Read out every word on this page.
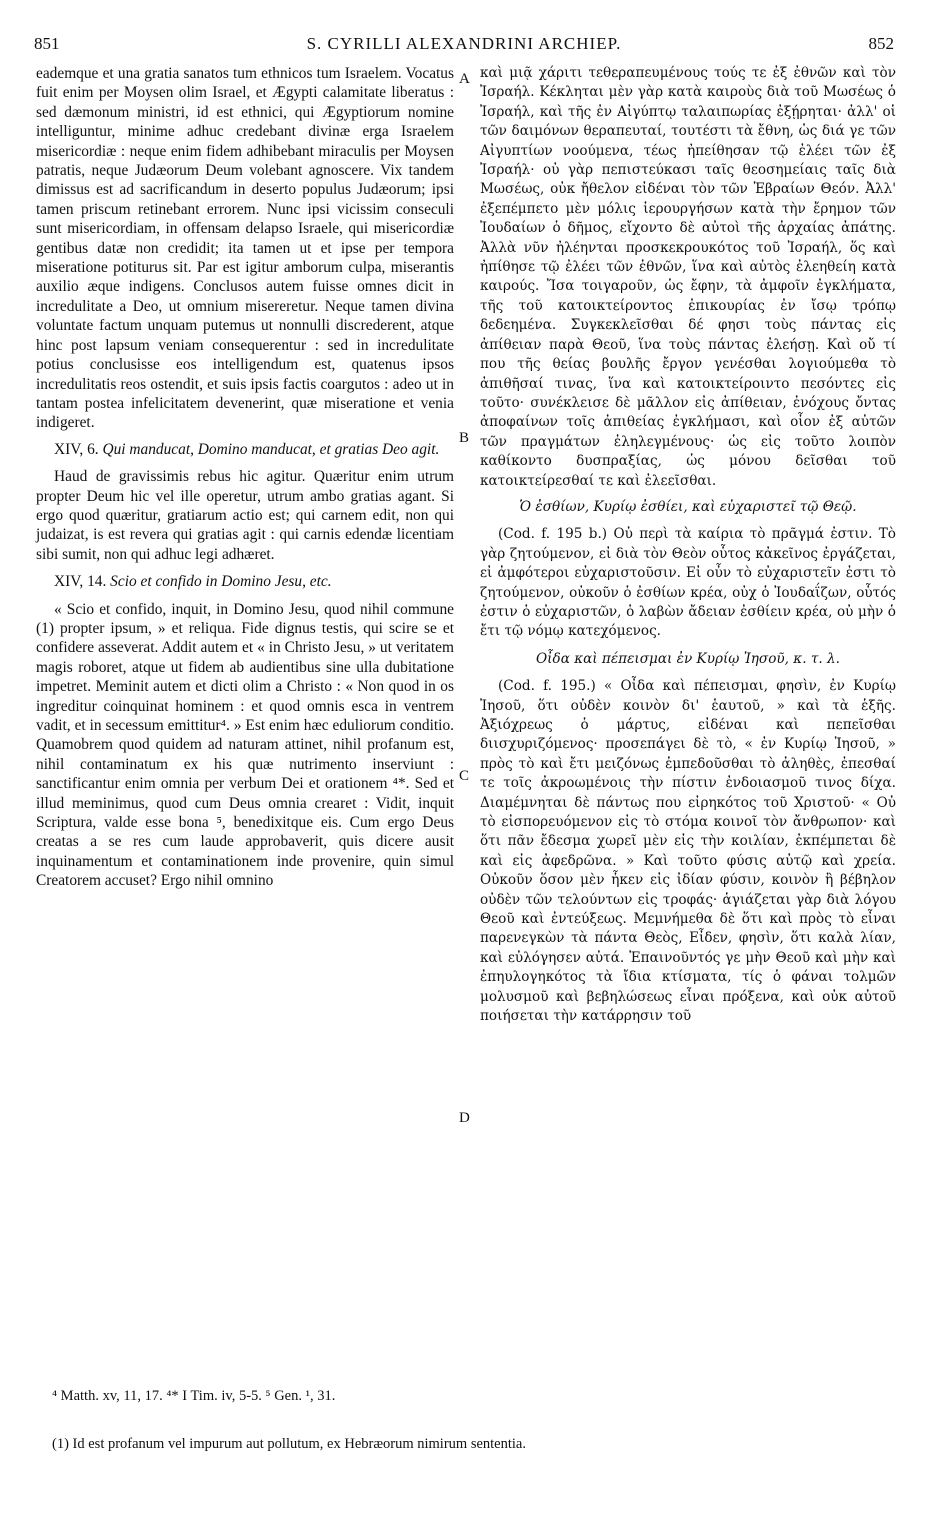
851	S. CYRILLI ALEXANDRINI ARCHIEP.	852

eademque et una gratia sanatos tum ethnicos tum Israelem. Vocatus fuit enim per Moysen olim Israel, et Ægypti calamitate liberatus : sed dæmonum ministri, id est ethnici, qui Ægyptiorum nomine intelliguntur, minime adhuc credebant divinæ erga Israelem misericordiæ : neque enim fidem adhibebant miraculis per Moysen patratis, neque Judæorum Deum volebant agnoscere. Vix tandem dimissus est ad sacrificandum in deserto populus Judæorum; ipsi tamen priscum retinebant errorem. Nunc ipsi vicissim conseculi sunt misericordiam, in offensam delapso Israele, qui misericordiæ gentibus datæ non credidit; ita tamen ut et ipse per tempora miseratione potiturus sit. Par est igitur amborum culpa, miserantis auxilio æque indigens. Conclusos autem fuisse omnes dicit in incredulitate a Deo, ut omnium misereretur. Neque tamen divina voluntate factum unquam putemus ut nonnulli discrederent, atque hinc post lapsum veniam consequerentur : sed in incredulitate potius conclusisse eos intelligendum est, quatenus ipsos incredulitatis reos ostendit, et suis ipsis factis coargutos : adeo ut in tantam postea infelicitatem devenerint, quæ miseratione et venia indigeret.

XIV, 6. Qui manducat, Domino manducat, et gratias Deo agit.

Haud de gravissimis rebus hic agitur. Quæritur enim utrum propter Deum hic vel ille operetur, utrum ambo gratias agant. Si ergo quod quæritur, gratiarum actio est; qui carnem edit, non qui judaizat, is est revera qui gratias agit : qui carnis edendæ licentiam sibi sumit, non qui adhuc legi adhæret.

XIV, 14. Scio et confido in Domino Jesu, etc.

« Scio et confido, inquit, in Domino Jesu, quod nihil commune (1) propter ipsum, » et reliqua. Fide dignus testis, qui scire se et confidere asseverat. Addit autem et « in Christo Jesu, » ut veritatem magis roboret, atque ut fidem ab audientibus sine ulla dubitatione impetret. Meminit autem et dicti olim a Christo : « Non quod in os ingreditur coinquinat hominem : et quod omnis esca in ventrem vadit, et in secessum emittitur⁴. » Est enim hæc eduliorum conditio. Quamobrem quod quidem ad naturam attinet, nihil profanum est, nihil contaminatum ex his quæ nutrimento inserviunt : sanctificantur enim omnia per verbum Dei et orationem ⁴*. Sed et illud meminimus, quod cum Deus omnia crearet : Vidit, inquit Scriptura, valde esse bona ⁵, benedixitque eis. Cum ergo Deus creatas a se res cum laude approbaverit, quis dicere ausit inquinamentum et contaminationem inde provenire, quin simul Creatorem accuset? Ergo nihil omnino

A
B
C
D

καὶ μιᾷ χάριτι τεθεραπευμένους τούς τε ἐξ ἐθνῶν καὶ τὸν Ἰσραήλ. Κέκληται μὲν γὰρ κατὰ καιροὺς διὰ τοῦ Μωσέως ὁ Ἰσραήλ, καὶ τῆς ἐν Αἰγύπτῳ ταλαιπωρίας ἐξῄρηται· ἀλλ' οἱ τῶν δαιμόνων θεραπευταί, τουτέστι τὰ ἔθνη, ὡς διά γε τῶν Αἰγυπτίων νοούμενα, τέως ἠπείθησαν τῷ ἐλέει τῶν ἐξ Ἰσραήλ· οὐ γὰρ πεπιστεύκασι ταῖς θεοσημείαις ταῖς διὰ Μωσέως, οὐκ ἤθελον εἰδέναι τὸν τῶν Ἑβραίων Θεόν. Ἀλλ' ἐξεπέμπετο μὲν μόλις ἱερουργήσων κατὰ τὴν ἔρημον τῶν Ἰουδαίων ὁ δῆμος, εἴχοντο δὲ αὐτοὶ τῆς ἀρχαίας ἀπάτης. Ἀλλὰ νῦν ἠλέηνται προσκεκρουκότος τοῦ Ἰσραήλ, ὅς καὶ ἠπίθησε τῷ ἐλέει τῶν ἐθνῶν, ἵνα καὶ αὐτὸς ἐλεηθείη κατὰ καιρούς. Ἴσα τοιγαροῦν, ὡς ἔφην, τὰ ἀμφοῖν ἐγκλήματα, τῆς τοῦ κατοικτείροντος ἐπικουρίας ἐν ἴσῳ τρόπῳ δεδεημένα. Συγκεκλεῖσθαι δέ φησι τοὺς πάντας εἰς ἀπίθειαν παρὰ Θεοῦ, ἵνα τοὺς πάντας ἐλεήσῃ. Καὶ οὔ τί που τῆς θείας βουλῆς ἔργον γενέσθαι λογιούμεθα τὸ ἀπιθῆσαί τινας, ἵνα καὶ κατοικτείροιντο πεσόντες εἰς τοῦτο· συνέκλεισε δὲ μᾶλλον εἰς ἀπίθειαν, ἐνόχους ὄντας ἀποφαίνων τοῖς ἀπιθείας ἐγκλήμασι, καὶ οἷον ἐξ αὐτῶν τῶν πραγμάτων ἐληλεγμένους· ὡς εἰς τοῦτο λοιπὸν καθίκοντο δυσπραξίας, ὡς μόνου δεῖσθαι τοῦ κατοικτείρεσθαί τε καὶ ἐλεεῖσθαι.

Ὁ ἐσθίων, Κυρίῳ ἐσθίει, καὶ εὐχαριστεῖ τῷ Θεῷ.

(Cod. f. 195 b.) Οὐ περὶ τὰ καίρια τὸ πρᾶγμά ἐστιν. Τὸ γὰρ ζητούμενον, εἰ διὰ τὸν Θεὸν οὗτος κἀκεῖνος ἐργάζεται, εἰ ἀμφότεροι εὐχαριστοῦσιν. Εἰ οὖν τὸ εὐχαριστεῖν ἐστι τὸ ζητούμενον, οὐκοῦν ὁ ἐσθίων κρέα, οὐχ ὁ Ἰουδαΐζων, οὗτός ἐστιν ὁ εὐχαριστῶν, ὁ λαβὼν ἄδειαν ἐσθίειν κρέα, οὐ μὴν ὁ ἔτι τῷ νόμῳ κατεχόμενος.

Οἶδα καὶ πέπεισμαι ἐν Κυρίῳ Ἰησοῦ, κ. τ. λ.

(Cod. f. 195.) « Οἶδα καὶ πέπεισμαι, φησὶν, ἐν Κυρίῳ Ἰησοῦ, ὅτι οὐδὲν κοινὸν δι' ἑαυτοῦ, » καὶ τὰ ἑξῆς. Ἀξιόχρεως ὁ μάρτυς, εἰδέναι καὶ πεπεῖσθαι διισχυριζόμενος· προσεπάγει δὲ τὸ, « ἐν Κυρίῳ Ἰησοῦ, » πρὸς τὸ καὶ ἔτι μειζόνως ἐμπεδοῦσθαι τὸ ἀληθὲς, ἐπεσθαί τε τοῖς ἀκροωμένοις τὴν πίστιν ἐνδοιασμοῦ τινος δίχα. Διαμέμνηται δὲ πάντως που εἰρηκότος τοῦ Χριστοῦ· « Οὐ τὸ εἰσπορευόμενον εἰς τὸ στόμα κοινοῖ τὸν ἄνθρωπον· καὶ ὅτι πᾶν ἔδεσμα χωρεῖ μὲν εἰς τὴν κοιλίαν, ἐκπέμπεται δὲ καὶ εἰς ἀφεδρῶνα. » Καὶ τοῦτο φύσις αὐτῷ καὶ χρεία. Οὐκοῦν ὅσον μὲν ἧκεν εἰς ἰδίαν φύσιν, κοινὸν ἢ βέβηλον οὐδὲν τῶν τελούντων εἰς τροφάς· ἁγιάζεται γὰρ διὰ λόγου Θεοῦ καὶ ἐντεύξεως. Μεμνήμεθα δὲ ὅτι καὶ πρὸς τὸ εἶναι παρενεγκὼν τὰ πάντα Θεὸς, Εἶδεν, φησὶν, ὅτι καλὰ λίαν, καὶ εὐλόγησεν αὐτά. Ἐπαινοῦντός γε μὴν Θεοῦ καὶ μὴν καὶ ἐπηυλογηκότος τὰ ἴδια κτίσματα, τίς ὁ φάναι τολμῶν μολυσμοῦ καὶ βεβηλώσεως εἶναι πρόξενα, καὶ οὐκ αὐτοῦ ποιήσεται τὴν κατάρρησιν τοῦ

⁴ Matth. xv, 11, 17. ⁴* I Tim. iv, 5-5. ⁵ Gen. ¹, 31.
(1) Id est profanum vel impurum aut pollutum, ex Hebræorum nimirum sententia.
